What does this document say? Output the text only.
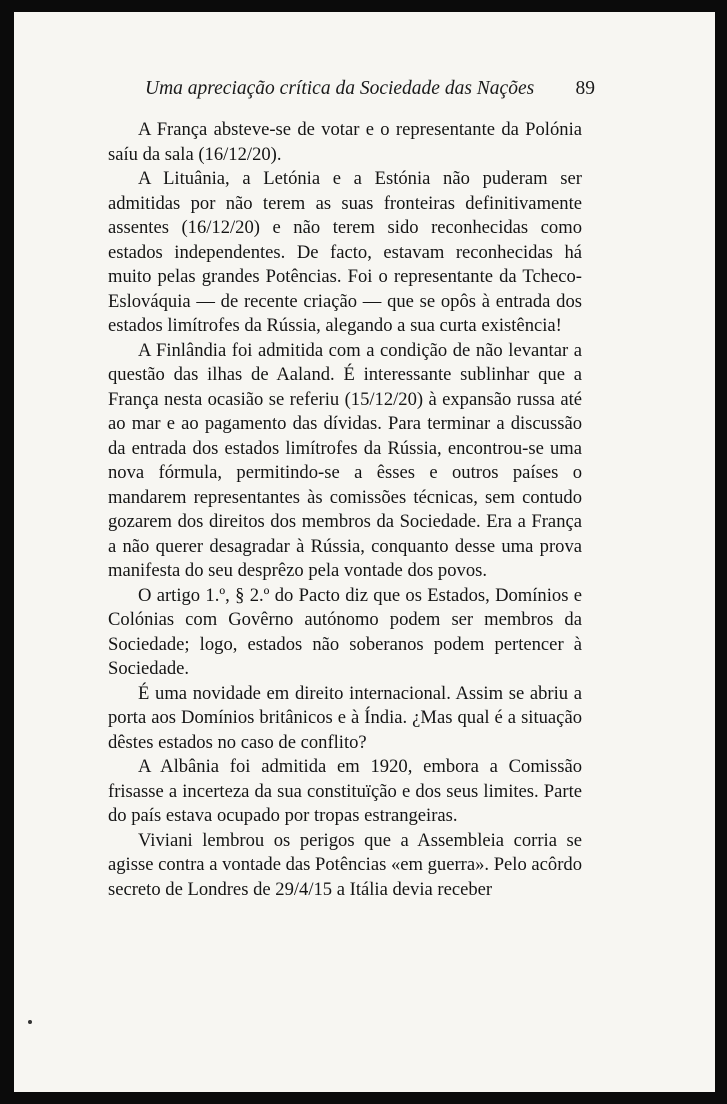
Uma apreciação crítica da Sociedade das Nações 89

A França absteve-se de votar e o representante da Polónia saíu da sala (16/12/20).

A Lituânia, a Letónia e a Estónia não puderam ser admitidas por não terem as suas fronteiras definitivamente assentes (16/12/20) e não terem sido reconhecidas como estados independentes. De facto, estavam reconhecidas há muito pelas grandes Potências. Foi o representante da Tcheco-Eslováquia — de recente criação — que se opôs à entrada dos estados limítrofes da Rússia, alegando a sua curta existência!

A Finlândia foi admitida com a condição de não levantar a questão das ilhas de Aaland. É interessante sublinhar que a França nesta ocasião se referiu (15/12/20) à expansão russa até ao mar e ao pagamento das dívidas. Para terminar a discussão da entrada dos estados limítrofes da Rússia, encontrou-se uma nova fórmula, permitindo-se a êsses e outros países o mandarem representantes às comissões técnicas, sem contudo gozarem dos direitos dos membros da Sociedade. Era a França a não querer desagradar à Rússia, conquanto desse uma prova manifesta do seu desprêzo pela vontade dos povos.

O artigo 1.º, § 2.º do Pacto diz que os Estados, Domínios e Colónias com Govêrno autónomo podem ser membros da Sociedade; logo, estados não soberanos podem pertencer à Sociedade.

É uma novidade em direito internacional. Assim se abriu a porta aos Domínios britânicos e à Índia. ¿Mas qual é a situação dêstes estados no caso de conflito?

A Albânia foi admitida em 1920, embora a Comissão frisasse a incerteza da sua constituïção e dos seus limites. Parte do país estava ocupado por tropas estrangeiras.

Viviani lembrou os perigos que a Assembleia corria se agisse contra a vontade das Potências «em guerra». Pelo acôrdo secreto de Londres de 29/4/15 a Itália devia receber
